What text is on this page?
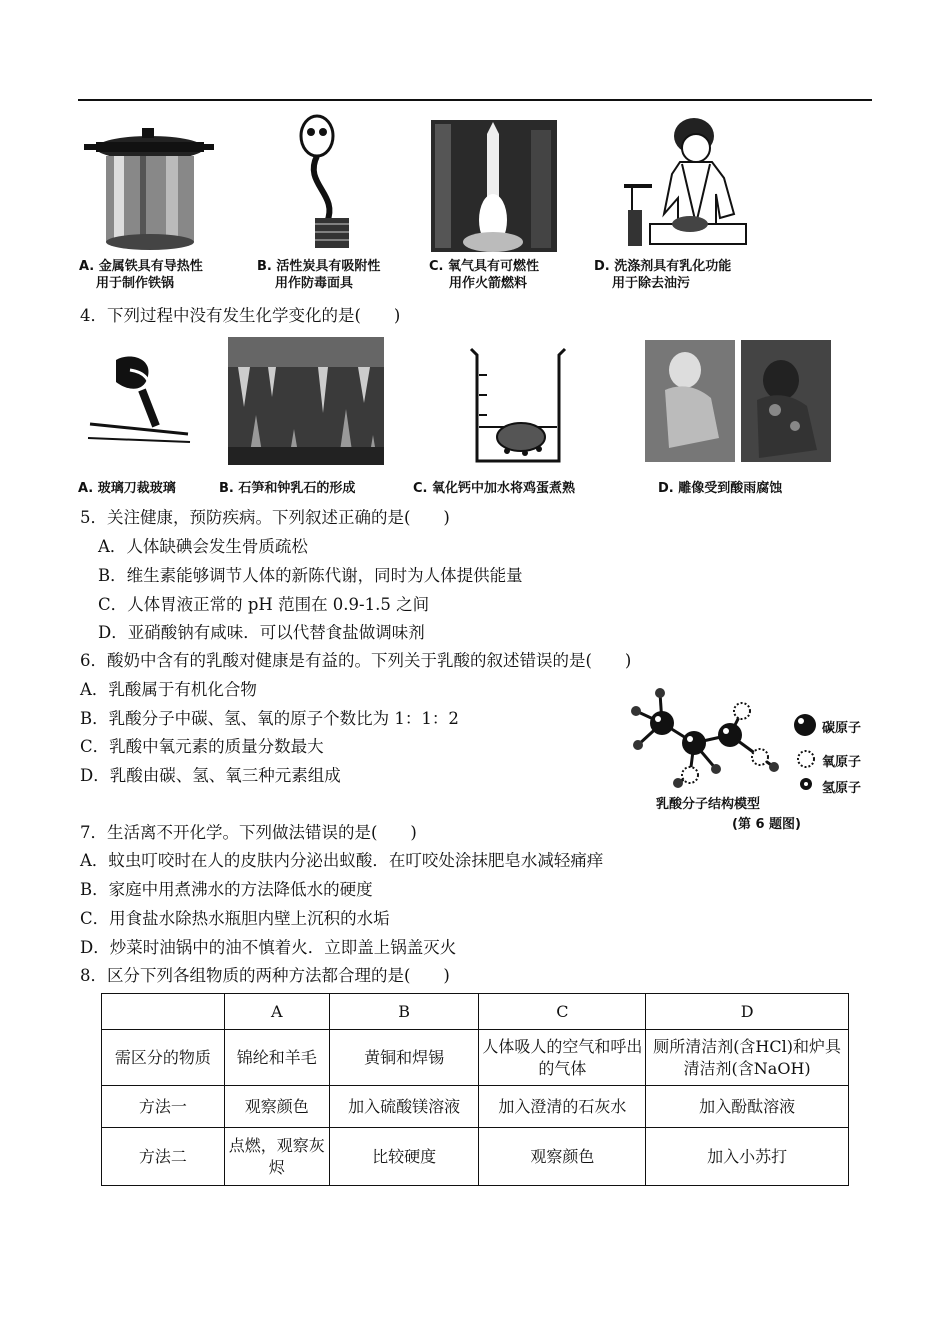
A. 金属铁具有导热性
用于制作铁锅
B. 活性炭具有吸附性
用作防毒面具
C. 氧气具有可燃性
用作火箭燃料
D. 洗涤剂具有乳化功能
用于除去油污
4．下列过程中没有发生化学变化的是(　　)
A. 玻璃刀裁玻璃	B. 石笋和钟乳石的形成	C. 氧化钙中加水将鸡蛋煮熟	D. 雕像受到酸雨腐蚀
5．关注健康，预防疾病。下列叙述正确的是(　　)
A．人体缺碘会发生骨质疏松
B．维生素能够调节人体的新陈代谢，同时为人体提供能量
C．人体胃液正常的 pH 范围在 0.9-1.5 之间
D．亚硝酸钠有咸味．可以代替食盐做调味剂
6．酸奶中含有的乳酸对健康是有益的。下列关于乳酸的叙述错误的是(　　)
A．乳酸属于有机化合物
B．乳酸分子中碳、氢、氧的原子个数比为 1：1：2
C．乳酸中氧元素的质量分数最大
D．乳酸由碳、氢、氧三种元素组成
碳原子
氧原子
氢原子
乳酸分子结构模型
(第 6 题图)
7．生活离不开化学。下列做法错误的是(　　)
A．蚊虫叮咬时在人的皮肤内分泌出蚁酸．在叮咬处涂抹肥皂水减轻痛痒
B．家庭中用煮沸水的方法降低水的硬度
C．用食盐水除热水瓶胆内壁上沉积的水垢
D．炒菜时油锅中的油不慎着火．立即盖上锅盖灭火
8．区分下列各组物质的两种方法都合理的是(　　)
	A	B	C	D
需区分的物质	锦纶和羊毛	黄铜和焊锡	人体吸人的空气和呼出的气体	厕所清洁剂(含HCl)和炉具清洁剂(含NaOH)
方法一	观察颜色	加入硫酸镁溶液	加入澄清的石灰水	加入酚酞溶液
方法二	点燃，观察灰烬	比较硬度	观察颜色	加入小苏打
